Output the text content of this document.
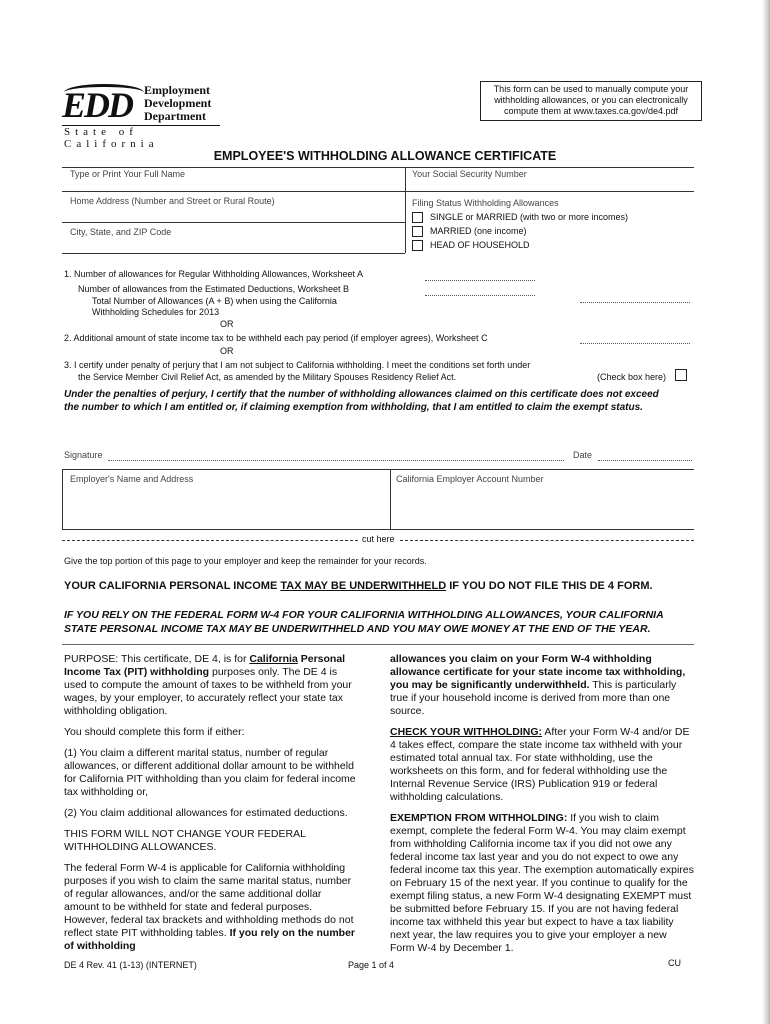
EDD Employment
Development
Department
State of California
This form can be used to manually compute your withholding allowances, or you can electronically compute them at www.taxes.ca.gov/de4.pdf
EMPLOYEE'S WITHHOLDING ALLOWANCE CERTIFICATE
Type or Print Your Full Name	Your Social Security Number
Home Address (Number and Street or Rural Route)	Filing Status Withholding Allowances
City, State, and ZIP Code
SINGLE or MARRIED (with two or more incomes)
MARRIED (one income)
HEAD OF HOUSEHOLD
1. Number of allowances for Regular Withholding Allowances, Worksheet A
Number of allowances from the Estimated Deductions, Worksheet B
Total Number of Allowances (A + B) when using the California
Withholding Schedules for 2013
OR
2. Additional amount of state income tax to be withheld each pay period (if employer agrees), Worksheet C
OR
3. I certify under penalty of perjury that I am not subject to California withholding. I meet the conditions set forth under
the Service Member Civil Relief Act, as amended by the Military Spouses Residency Relief Act.	(Check box here)
Under the penalties of perjury, I certify that the number of withholding allowances claimed on this certificate does not exceed
the number to which I am entitled or, if claiming exemption from withholding, that I am entitled to claim the exempt status.
Signature	Date
Employer's Name and Address	California Employer Account Number
cut here
Give the top portion of this page to your employer and keep the remainder for your records.
YOUR CALIFORNIA PERSONAL INCOME TAX MAY BE UNDERWITHHELD IF YOU DO NOT FILE THIS DE 4 FORM.
IF YOU RELY ON THE FEDERAL FORM W-4 FOR YOUR CALIFORNIA WITHHOLDING ALLOWANCES, YOUR CALIFORNIA
STATE PERSONAL INCOME TAX MAY BE UNDERWITHHELD AND YOU MAY OWE MONEY AT THE END OF THE YEAR.

PURPOSE: This certificate, DE 4, is for California Personal Income Tax (PIT) withholding purposes only. The DE 4 is used to compute the amount of taxes to be withheld from your wages, by your employer, to accurately reflect your state tax withholding obligation.

You should complete this form if either:

(1) You claim a different marital status, number of regular allowances, or different additional dollar amount to be withheld for California PIT withholding than you claim for federal income tax withholding or,

(2) You claim additional allowances for estimated deductions.

THIS FORM WILL NOT CHANGE YOUR FEDERAL WITHHOLDING ALLOWANCES.

The federal Form W-4 is applicable for California withholding purposes if you wish to claim the same marital status, number of regular allowances, and/or the same additional dollar amount to be withheld for state and federal purposes. However, federal tax brackets and withholding methods do not reflect state PIT withholding tables. If you rely on the number of withholding

allowances you claim on your Form W-4 withholding allowance certificate for your state income tax withholding, you may be significantly underwithheld. This is particularly true if your household income is derived from more than one source.

CHECK YOUR WITHHOLDING: After your Form W-4 and/or DE 4 takes effect, compare the state income tax withheld with your estimated total annual tax. For state withholding, use the worksheets on this form, and for federal withholding use the Internal Revenue Service (IRS) Publication 919 or federal withholding calculations.

EXEMPTION FROM WITHHOLDING: If you wish to claim exempt, complete the federal Form W-4. You may claim exempt from withholding California income tax if you did not owe any federal income tax last year and you do not expect to owe any federal income tax this year. The exemption automatically expires on February 15 of the next year. If you continue to qualify for the exempt filing status, a new Form W-4 designating EXEMPT must be submitted before February 15. If you are not having federal income tax withheld this year but expect to have a tax liability next year, the law requires you to give your employer a new Form W-4 by December 1.

DE 4 Rev. 41 (1-13) (INTERNET)	Page 1 of 4	CU
